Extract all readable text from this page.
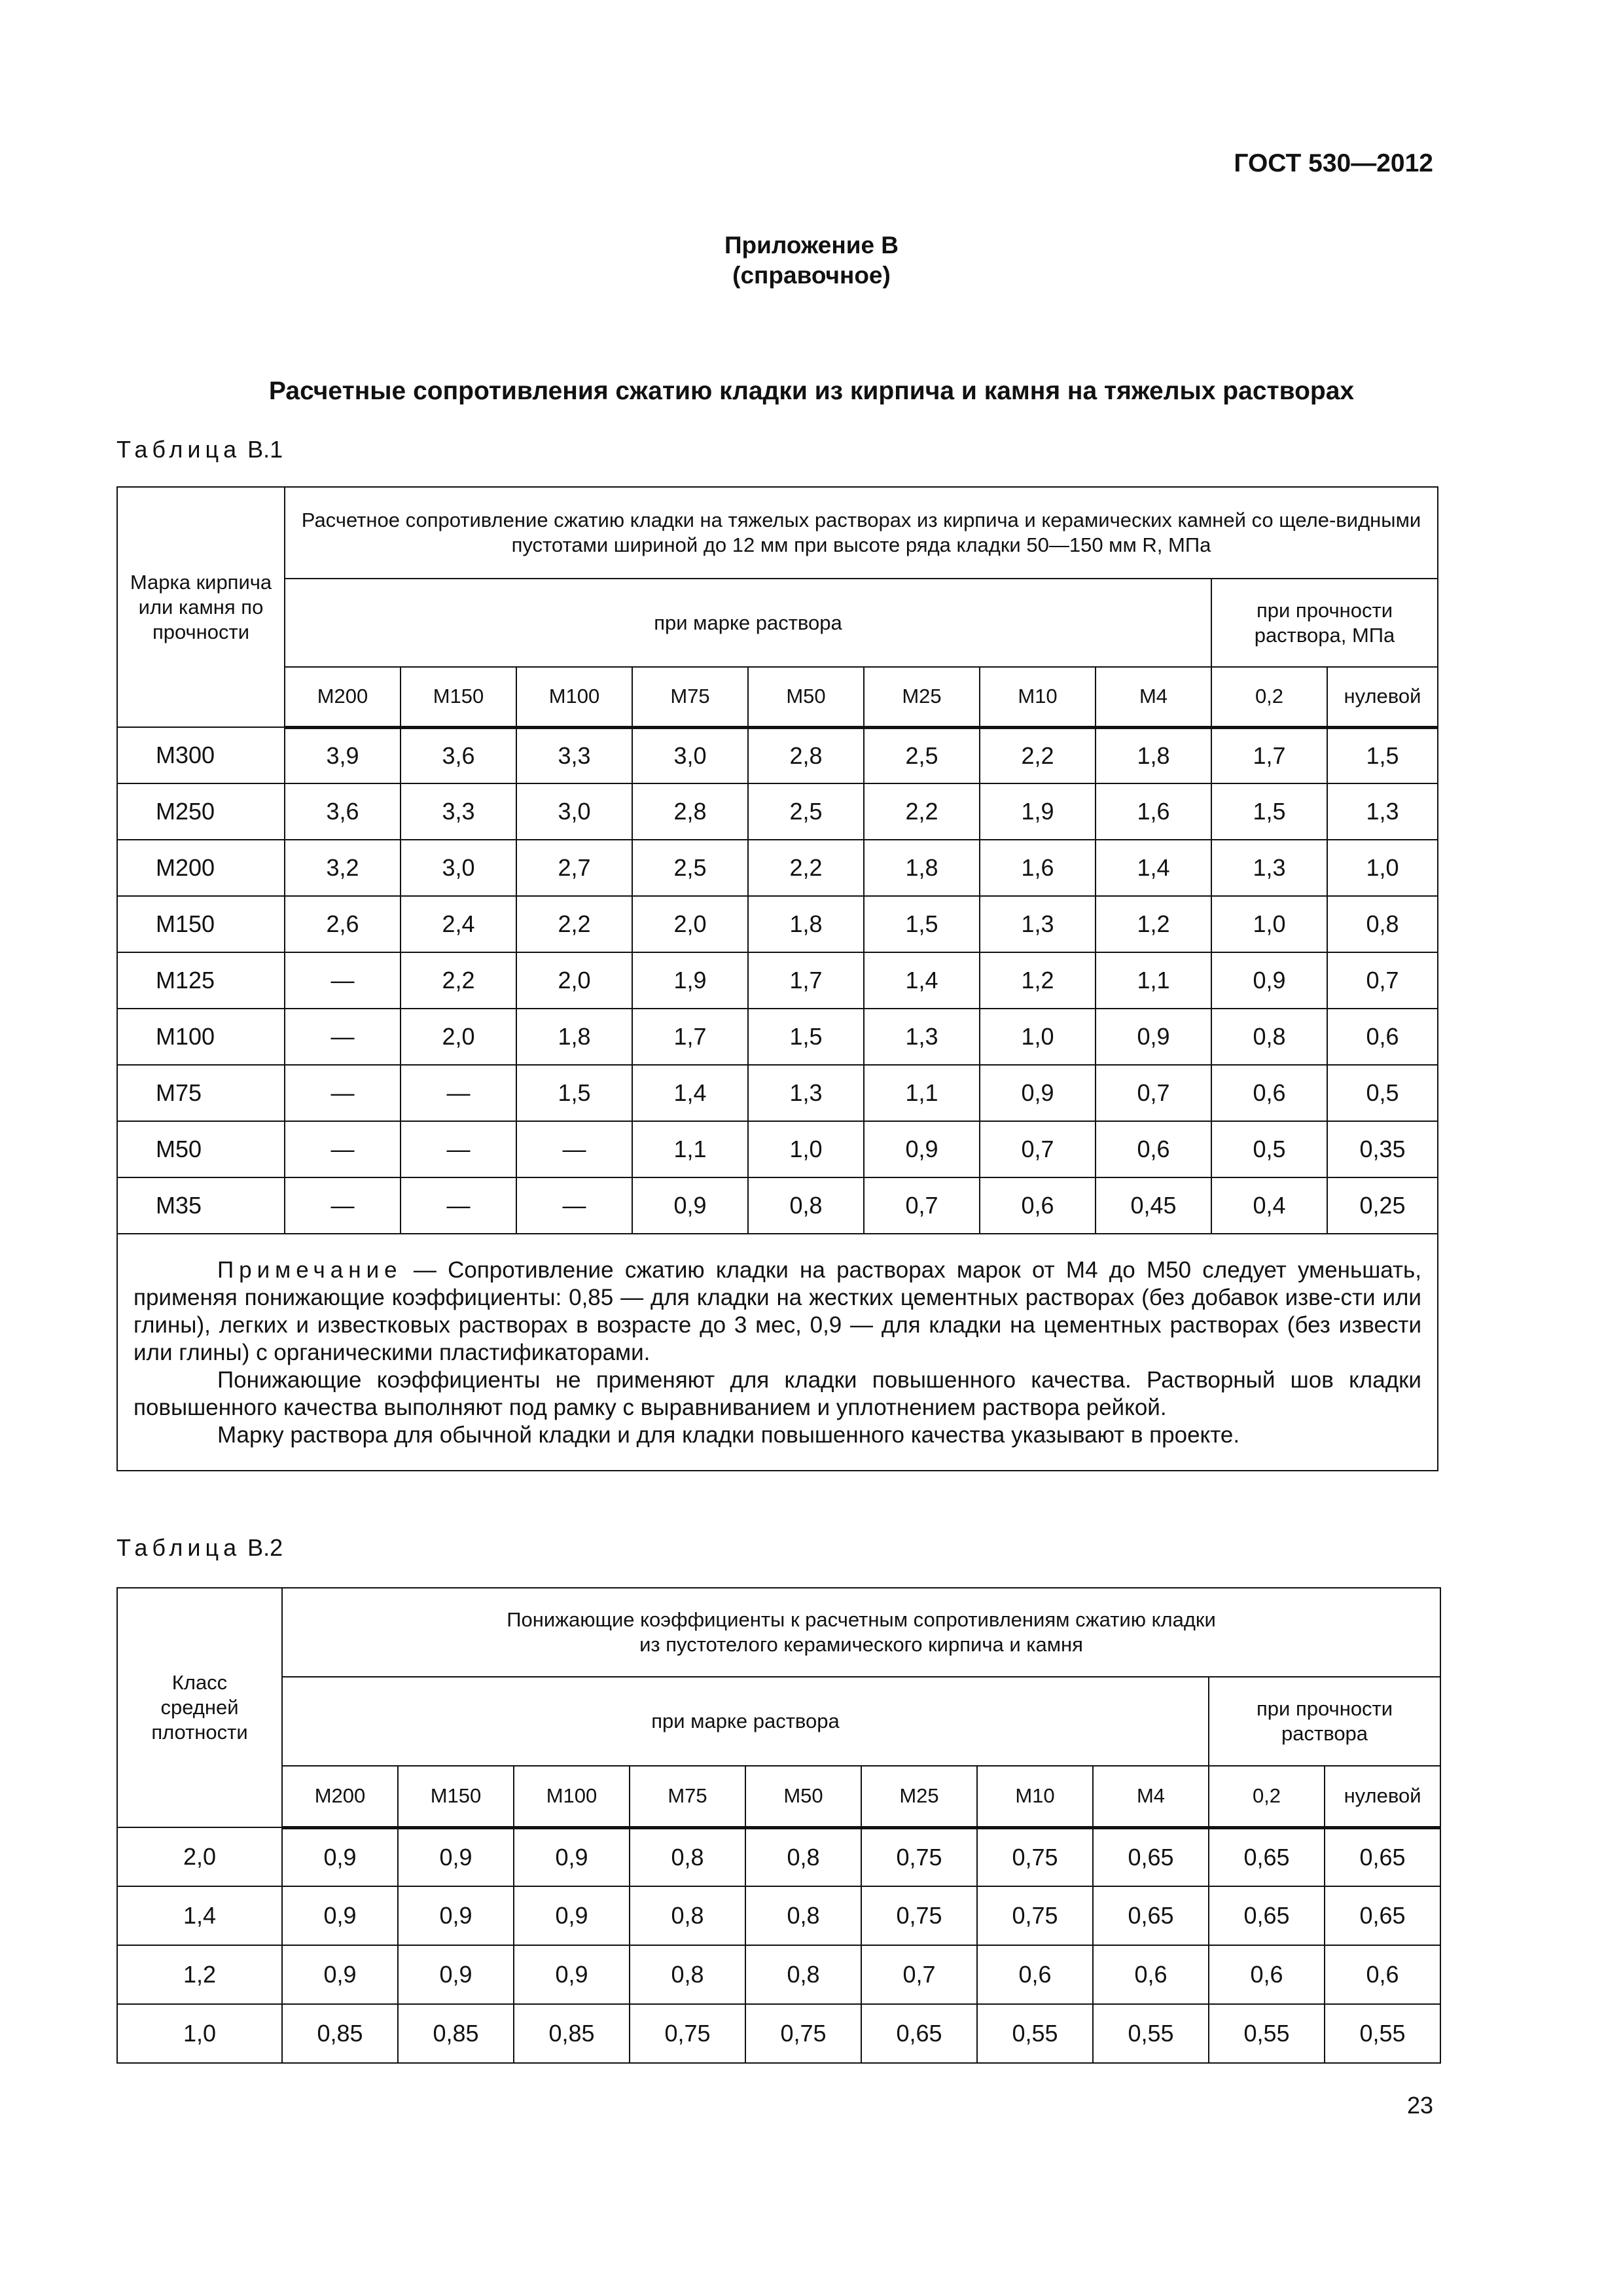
ГОСТ 530—2012
Приложение В
(справочное)
Расчетные сопротивления сжатию кладки из кирпича и камня на тяжелых растворах
Таблица В.1
Марка кирпича или камня по прочности	Расчетное сопротивление сжатию кладки на тяжелых растворах из кирпича и керамических камней со щеле-видными пустотами шириной до 12 мм при высоте ряда кладки 50—150 мм R, МПа									
	при марке раствора								при прочности раствора, МПа	
	М200	М150	М100	М75	М50	М25	М10	М4	0,2	нулевой
М300	3,9	3,6	3,3	3,0	2,8	2,5	2,2	1,8	1,7	1,5
М250	3,6	3,3	3,0	2,8	2,5	2,2	1,9	1,6	1,5	1,3
М200	3,2	3,0	2,7	2,5	2,2	1,8	1,6	1,4	1,3	1,0
М150	2,6	2,4	2,2	2,0	1,8	1,5	1,3	1,2	1,0	0,8
М125	—	2,2	2,0	1,9	1,7	1,4	1,2	1,1	0,9	0,7
М100	—	2,0	1,8	1,7	1,5	1,3	1,0	0,9	0,8	0,6
М75	—	—	1,5	1,4	1,3	1,1	0,9	0,7	0,6	0,5
М50	—	—	—	1,1	1,0	0,9	0,7	0,6	0,5	0,35
М35	—	—	—	0,9	0,8	0,7	0,6	0,45	0,4	0,25

Примечание — Сопротивление сжатию кладки на растворах марок от М4 до М50 следует уменьшать, применяя понижающие коэффициенты: 0,85 — для кладки на жестких цементных растворах (без добавок изве-сти или глины), легких и известковых растворах в возрасте до 3 мес, 0,9 — для кладки на цементных растворах (без извести или глины) с органическими пластификаторами.

Понижающие коэффициенты не применяют для кладки повышенного качества. Растворный шов кладки повышенного качества выполняют под рамку с выравниванием и уплотнением раствора рейкой.

Марку раствора для обычной кладки и для кладки повышенного качества указывают в проекте.										

Таблица В.2
Класс средней плотности	Понижающие коэффициенты к расчетным сопротивлениям сжатию кладки
из пустотелого керамического кирпича и камня									

	при марке раствора								при прочности раствора	
	М200	М150	М100	М75	М50	М25	М10	М4	0,2	нулевой
2,0	0,9	0,9	0,9	0,8	0,8	0,75	0,75	0,65	0,65	0,65
1,4	0,9	0,9	0,9	0,8	0,8	0,75	0,75	0,65	0,65	0,65
1,2	0,9	0,9	0,9	0,8	0,8	0,7	0,6	0,6	0,6	0,6
1,0	0,85	0,85	0,85	0,75	0,75	0,65	0,55	0,55	0,55	0,55
23
